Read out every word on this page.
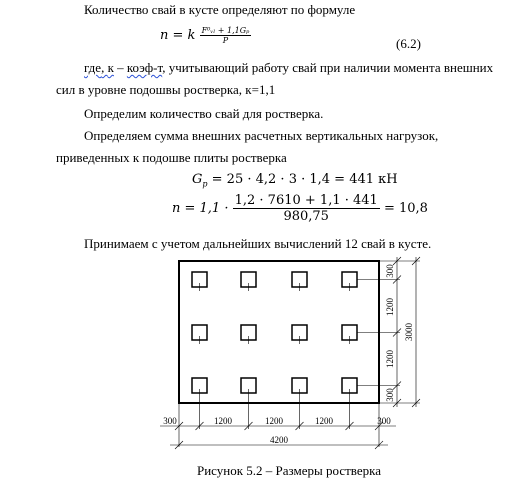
Количество свай в кусте определяют по формуле
n = k $\frac{\text{F⁰ᵥₗ + 1,1Gₚ}}{P}$	(6.2)
где, к – коэф-т, учитывающий работу свай при наличии момента внешних
сил в уровне подошвы ростверка, к=1,1
Определим количество свай для ростверка.
Определяем сумма внешних расчетных вертикальных нагрузок,
приведенных к подошве плиты ростверка
$G_p = 25 \cdot 4,2 \cdot 3 \cdot 1,4 = 441$ кН
$n = 1,1 \cdot \frac{1,2 \cdot 7610 + 1,1 \cdot 441}{980,75} = 10,8$
Принимаем с учетом дальнейших вычислений 12 свай в кусте.
300
1200
1200
300
3000
300	1200	1200	1200	300
4200
Рисунок 5.2 – Размеры ростверка
